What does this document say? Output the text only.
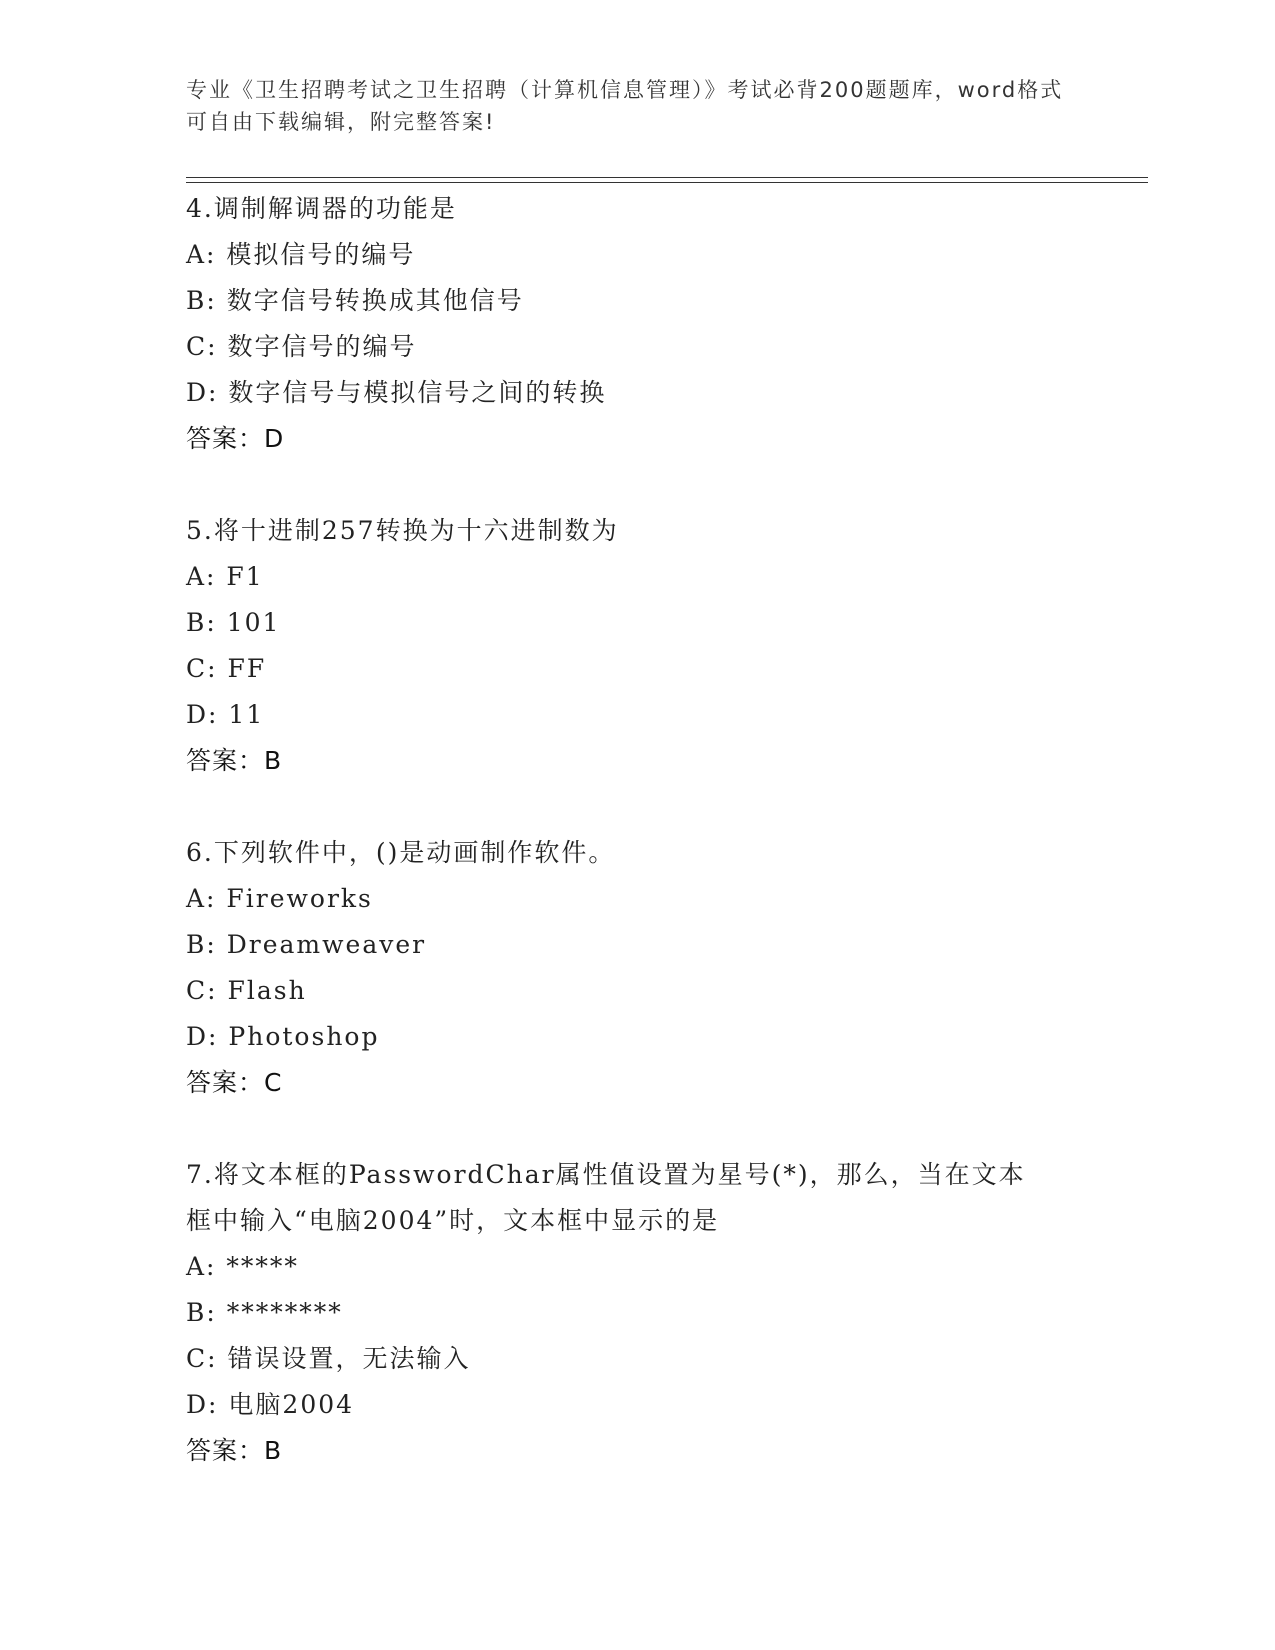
专业《卫生招聘考试之卫生招聘（计算机信息管理）》考试必背200题题库，word格式可自由下载编辑，附完整答案!
4.调制解调器的功能是
A: 模拟信号的编号
B: 数字信号转换成其他信号
C: 数字信号的编号
D: 数字信号与模拟信号之间的转换
答案：D
5.将十进制257转换为十六进制数为
A: F1
B: 101
C: FF
D: 11
答案：B
6.下列软件中，()是动画制作软件。
A: Fireworks
B: Dreamweaver
C: Flash
D: Photoshop
答案：C
7.将文本框的PasswordChar属性值设置为星号(*)，那么，当在文本框中输入“电脑2004”时，文本框中显示的是
A: *****
B: ********
C: 错误设置，无法输入
D: 电脑2004
答案：B
